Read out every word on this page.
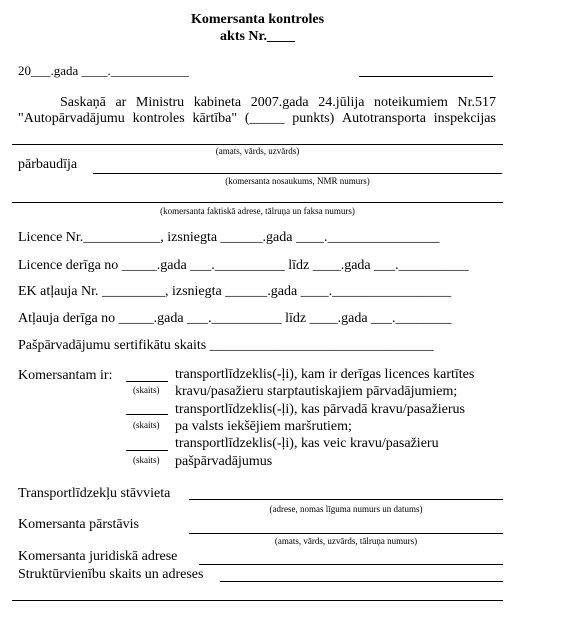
Komersanta kontroles
akts Nr.____
20___.gada ____.____________
Saskaņā ar Ministru kabineta 2007.gada 24.jūlija noteikumiem Nr.517
"Autopārvadājumu kontroles kārtība" (_____ punkts) Autotransporta inspekcijas
(amats, vārds, uzvārds)
pārbaudīja
(komersanta nosaukums, NMR numurs)
(komersanta faktiskā adrese, tālruņa un faksa numurs)
Licence Nr.___________, izsniegta ______.gada ____.________________
Licence derīga no _____.gada ___.__________ līdz ____.gada ___.__________
EK atļauja Nr. _________, izsniegta ______.gada ____._________________
Atļauja derīga no _____.gada ___.__________ līdz ____.gada ___.________
Pašpārvadājumu sertifikātu skaits ________________________________
Komersantam ir:
(skaits)
transportlīdzeklis(-ļi), kam ir derīgas licences kartītes
kravu/pasažieru starptautiskajiem pārvadājumiem;
(skaits)
transportlīdzeklis(-ļi), kas pārvadā kravu/pasažierus
pa valsts iekšējiem maršrutiem;
(skaits)
transportlīdzeklis(-ļi), kas veic kravu/pasažieru
pašpārvadājumus
Transportlīdzekļu stāvvieta
(adrese, nomas līguma numurs un datums)
Komersanta pārstāvis
(amats, vārds, uzvārds, tālruņa numurs)
Komersanta juridiskā adrese
Struktūrvienību skaits un adreses
